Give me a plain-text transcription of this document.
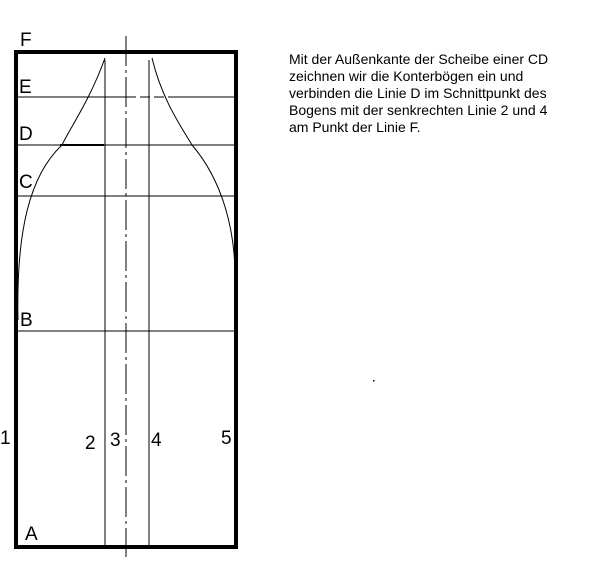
F
E
D
C
B
A
1	2 3 4	5

Mit der Außenkante der Scheibe einer CD
zeichnen wir die Konterbögen ein und
verbinden die Linie D im Schnittpunkt des
Bogens mit der senkrechten Linie 2 und 4
am Punkt der Linie F.
